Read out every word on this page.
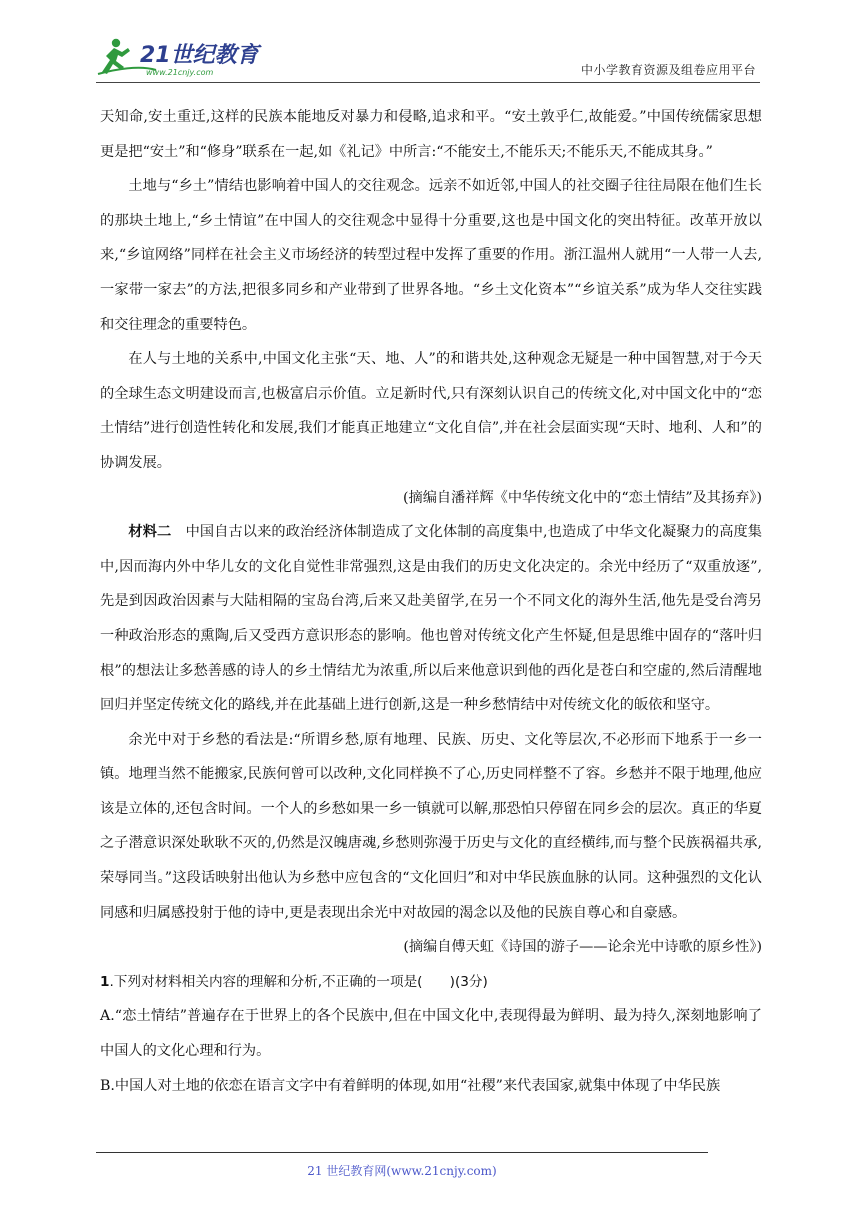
21世纪教育
www.21cnjy.com	中小学教育资源及组卷应用平台

天知命,安土重迁,这样的民族本能地反对暴力和侵略,追求和平。“安土敦乎仁,故能爱。”中国传统儒家思想更是把“安土”和“修身”联系在一起,如《礼记》中所言:“不能安土,不能乐天;不能乐天,不能成其身。”

土地与“乡土”情结也影响着中国人的交往观念。远亲不如近邻,中国人的社交圈子往往局限在他们生长的那块土地上,“乡土情谊”在中国人的交往观念中显得十分重要,这也是中国文化的突出特征。改革开放以来,“乡谊网络”同样在社会主义市场经济的转型过程中发挥了重要的作用。浙江温州人就用“一人带一人去,一家带一家去”的方法,把很多同乡和产业带到了世界各地。“乡土文化资本”“乡谊关系”成为华人交往实践和交往理念的重要特色。

在人与土地的关系中,中国文化主张“天、地、人”的和谐共处,这种观念无疑是一种中国智慧,对于今天的全球生态文明建设而言,也极富启示价值。立足新时代,只有深刻认识自己的传统文化,对中国文化中的“恋土情结”进行创造性转化和发展,我们才能真正地建立“文化自信”,并在社会层面实现“天时、地利、人和”的协调发展。

(摘编自潘祥辉《中华传统文化中的“恋土情结”及其扬弃》)

材料二　 中国自古以来的政治经济体制造成了文化体制的高度集中,也造成了中华文化凝聚力的高度集中,因而海内外中华儿女的文化自觉性非常强烈,这是由我们的历史文化决定的。余光中经历了“双重放逐”,先是到因政治因素与大陆相隔的宝岛台湾,后来又赴美留学,在另一个不同文化的海外生活,他先是受台湾另一种政治形态的熏陶,后又受西方意识形态的影响。他也曾对传统文化产生怀疑,但是思维中固存的“落叶归根”的想法让多愁善感的诗人的乡土情结尤为浓重,所以后来他意识到他的西化是苍白和空虚的,然后清醒地回归并坚定传统文化的路线,并在此基础上进行创新,这是一种乡愁情结中对传统文化的皈依和坚守。

余光中对于乡愁的看法是:“所谓乡愁,原有地理、民族、历史、文化等层次,不必形而下地系于一乡一镇。地理当然不能搬家,民族何曾可以改种,文化同样换不了心,历史同样整不了容。乡愁并不限于地理,他应该是立体的,还包含时间。一个人的乡愁如果一乡一镇就可以解,那恐怕只停留在同乡会的层次。真正的华夏之子潜意识深处耿耿不灭的,仍然是汉魄唐魂,乡愁则弥漫于历史与文化的直经横纬,而与整个民族祸福共承,荣辱同当。”这段话映射出他认为乡愁中应包含的“文化回归”和对中华民族血脉的认同。这种强烈的文化认同感和归属感投射于他的诗中,更是表现出余光中对故园的渴念以及他的民族自尊心和自豪感。

(摘编自傅天虹《诗国的游子——论余光中诗歌的原乡性》)

1.下列对材料相关内容的理解和分析,不正确的一项是(　　)(3分)

A.“恋土情结”普遍存在于世界上的各个民族中,但在中国文化中,表现得最为鲜明、最为持久,深刻地影响了中国人的文化心理和行为。

B.中国人对土地的依恋在语言文字中有着鲜明的体现,如用“社稷”来代表国家,就集中体现了中华民族

21 世纪教育网(www.21cnjy.com)
